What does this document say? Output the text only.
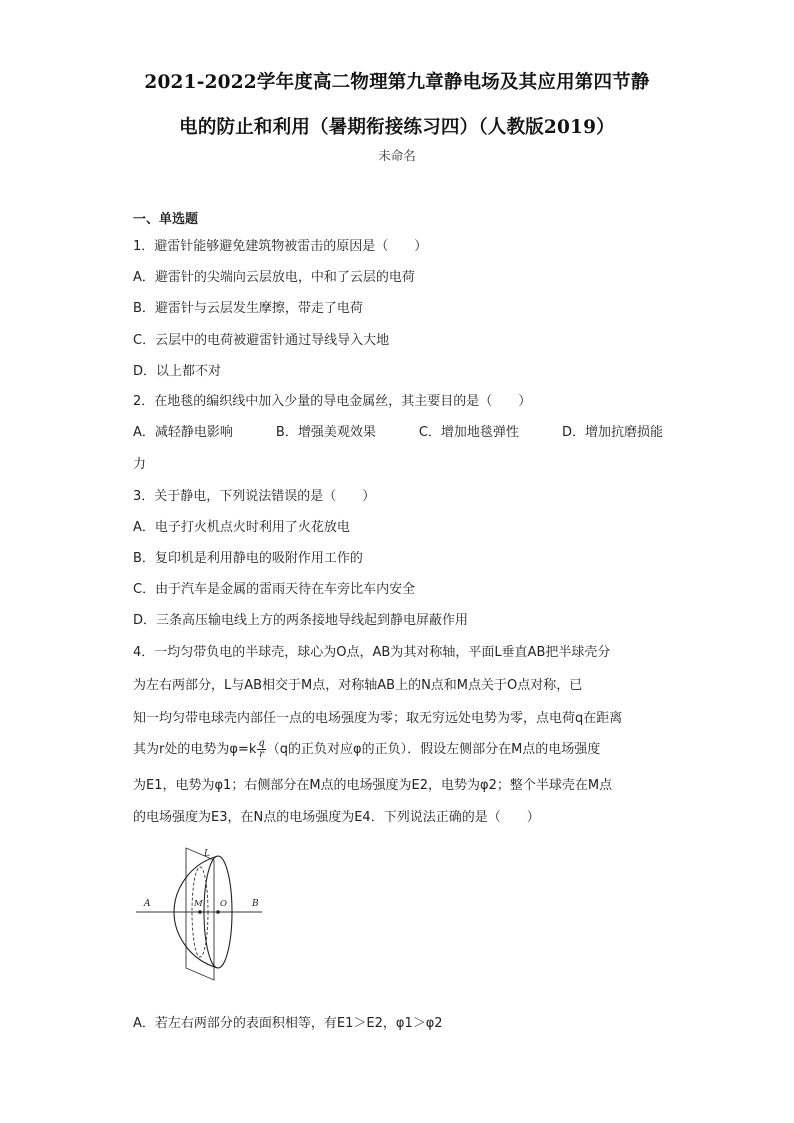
2021-2022学年度高二物理第九章静电场及其应用第四节静
电的防止和利用（暑期衔接练习四）（人教版2019）
未命名
一、单选题
1．避雷针能够避免建筑物被雷击的原因是（　　）
A．避雷针的尖端向云层放电，中和了云层的电荷
B．避雷针与云层发生摩擦，带走了电荷
C．云层中的电荷被避雷针通过导线导入大地
D．以上都不对
2．在地毯的编织线中加入少量的导电金属丝，其主要目的是（　　）
A．减轻静电影响	B．增强美观效果	C．增加地毯弹性	D．增加抗磨损能
力
3．关于静电，下列说法错误的是（　　）
A．电子打火机点火时利用了火花放电
B．复印机是利用静电的吸附作用工作的
C．由于汽车是金属的雷雨天待在车旁比车内安全
D．三条高压输电线上方的两条接地导线起到静电屏蔽作用
4．一均匀带负电的半球壳，球心为O点，AB为其对称轴，平面L垂直AB把半球壳分
为左右两部分，L与AB相交于M点，对称轴AB上的N点和M点关于O点对称，已
知一均匀带电球壳内部任一点的电场强度为零；取无穷远处电势为零，点电荷q在距离
其为r处的电势为$\varphi=k \frac{q}{r} (q$的正负对应φ的正负）．假设左侧部分在M点的电场强度
为E1，电势为φ1；右侧部分在M点的电场强度为E2，电势为φ2；整个半球壳在M点
的电场强度为E3，在N点的电场强度为E4．下列说法正确的是（　　）
A	B
M O
L
A．若左右两部分的表面积相等，有E1＞E2，φ1＞φ2
